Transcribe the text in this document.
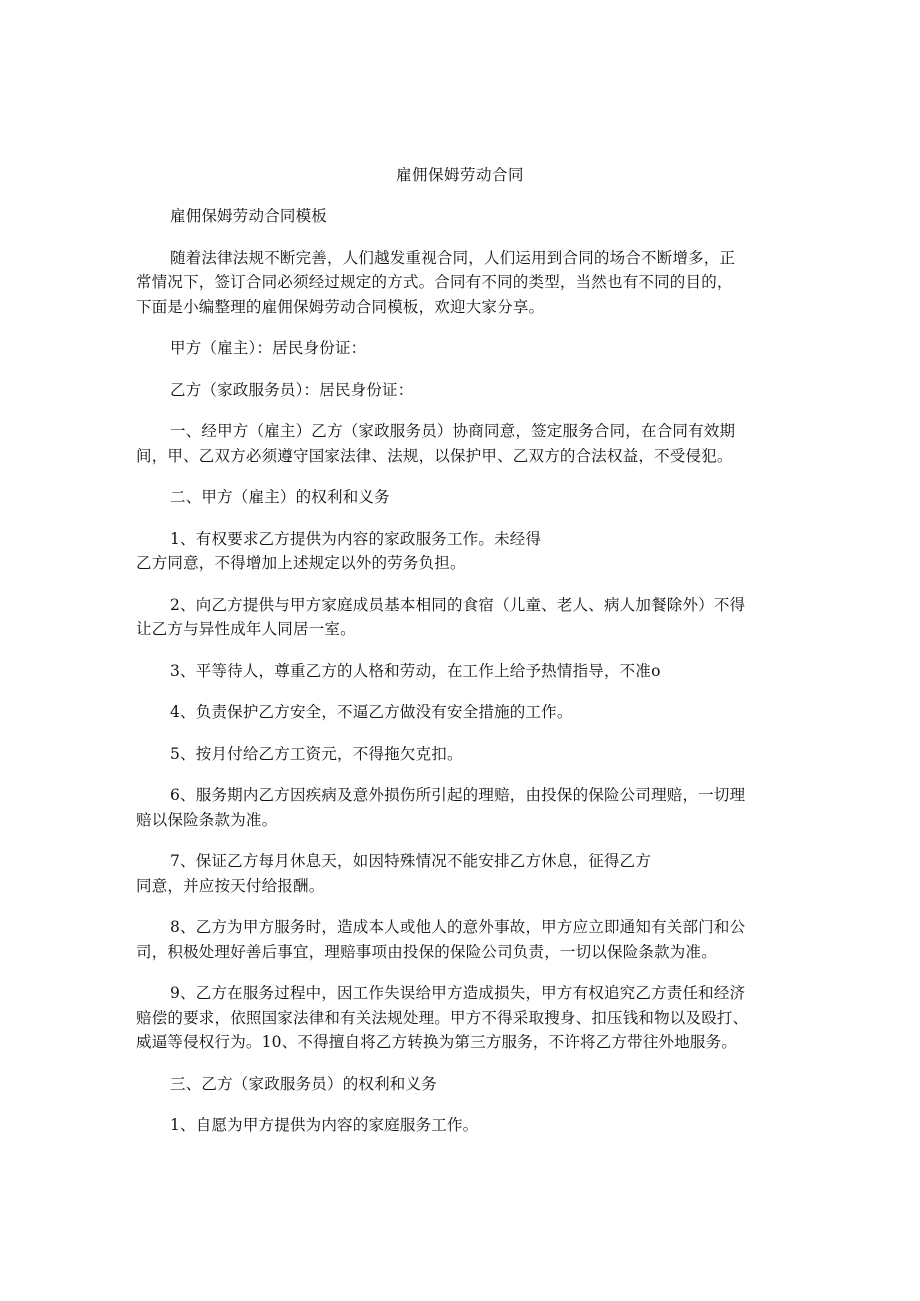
雇佣保姆劳动合同

雇佣保姆劳动合同模板

随着法律法规不断完善，人们越发重视合同，人们运用到合同的场合不断增多，正
常情况下，签订合同必须经过规定的方式。合同有不同的类型，当然也有不同的目的，
下面是小编整理的雇佣保姆劳动合同模板，欢迎大家分享。

甲方（雇主）：居民身份证：

乙方（家政服务员）：居民身份证：

一、经甲方（雇主）乙方（家政服务员）协商同意，签定服务合同，在合同有效期
间，甲、乙双方必须遵守国家法律、法规，以保护甲、乙双方的合法权益，不受侵犯。

二、甲方（雇主）的权利和义务

1、有权要求乙方提供为内容的家政服务工作。未经得
乙方同意，不得增加上述规定以外的劳务负担。

2、向乙方提供与甲方家庭成员基本相同的食宿（儿童、老人、病人加餐除外）不得
让乙方与异性成年人同居一室。

3、平等待人，尊重乙方的人格和劳动，在工作上给予热情指导，不准o

4、负责保护乙方安全，不逼乙方做没有安全措施的工作。

5、按月付给乙方工资元，不得拖欠克扣。

6、服务期内乙方因疾病及意外损伤所引起的理赔，由投保的保险公司理赔，一切理
赔以保险条款为准。

7、保证乙方每月休息天，如因特殊情况不能安排乙方休息，征得乙方
同意，并应按天付给报酬。

8、乙方为甲方服务时，造成本人或他人的意外事故，甲方应立即通知有关部门和公
司，积极处理好善后事宜，理赔事项由投保的保险公司负责，一切以保险条款为准。

9、乙方在服务过程中，因工作失误给甲方造成损失，甲方有权追究乙方责任和经济
赔偿的要求，依照国家法律和有关法规处理。甲方不得采取搜身、扣压钱和物以及殴打、
威逼等侵权行为。10、不得擅自将乙方转换为第三方服务，不许将乙方带往外地服务。

三、乙方（家政服务员）的权利和义务

1、自愿为甲方提供为内容的家庭服务工作。
